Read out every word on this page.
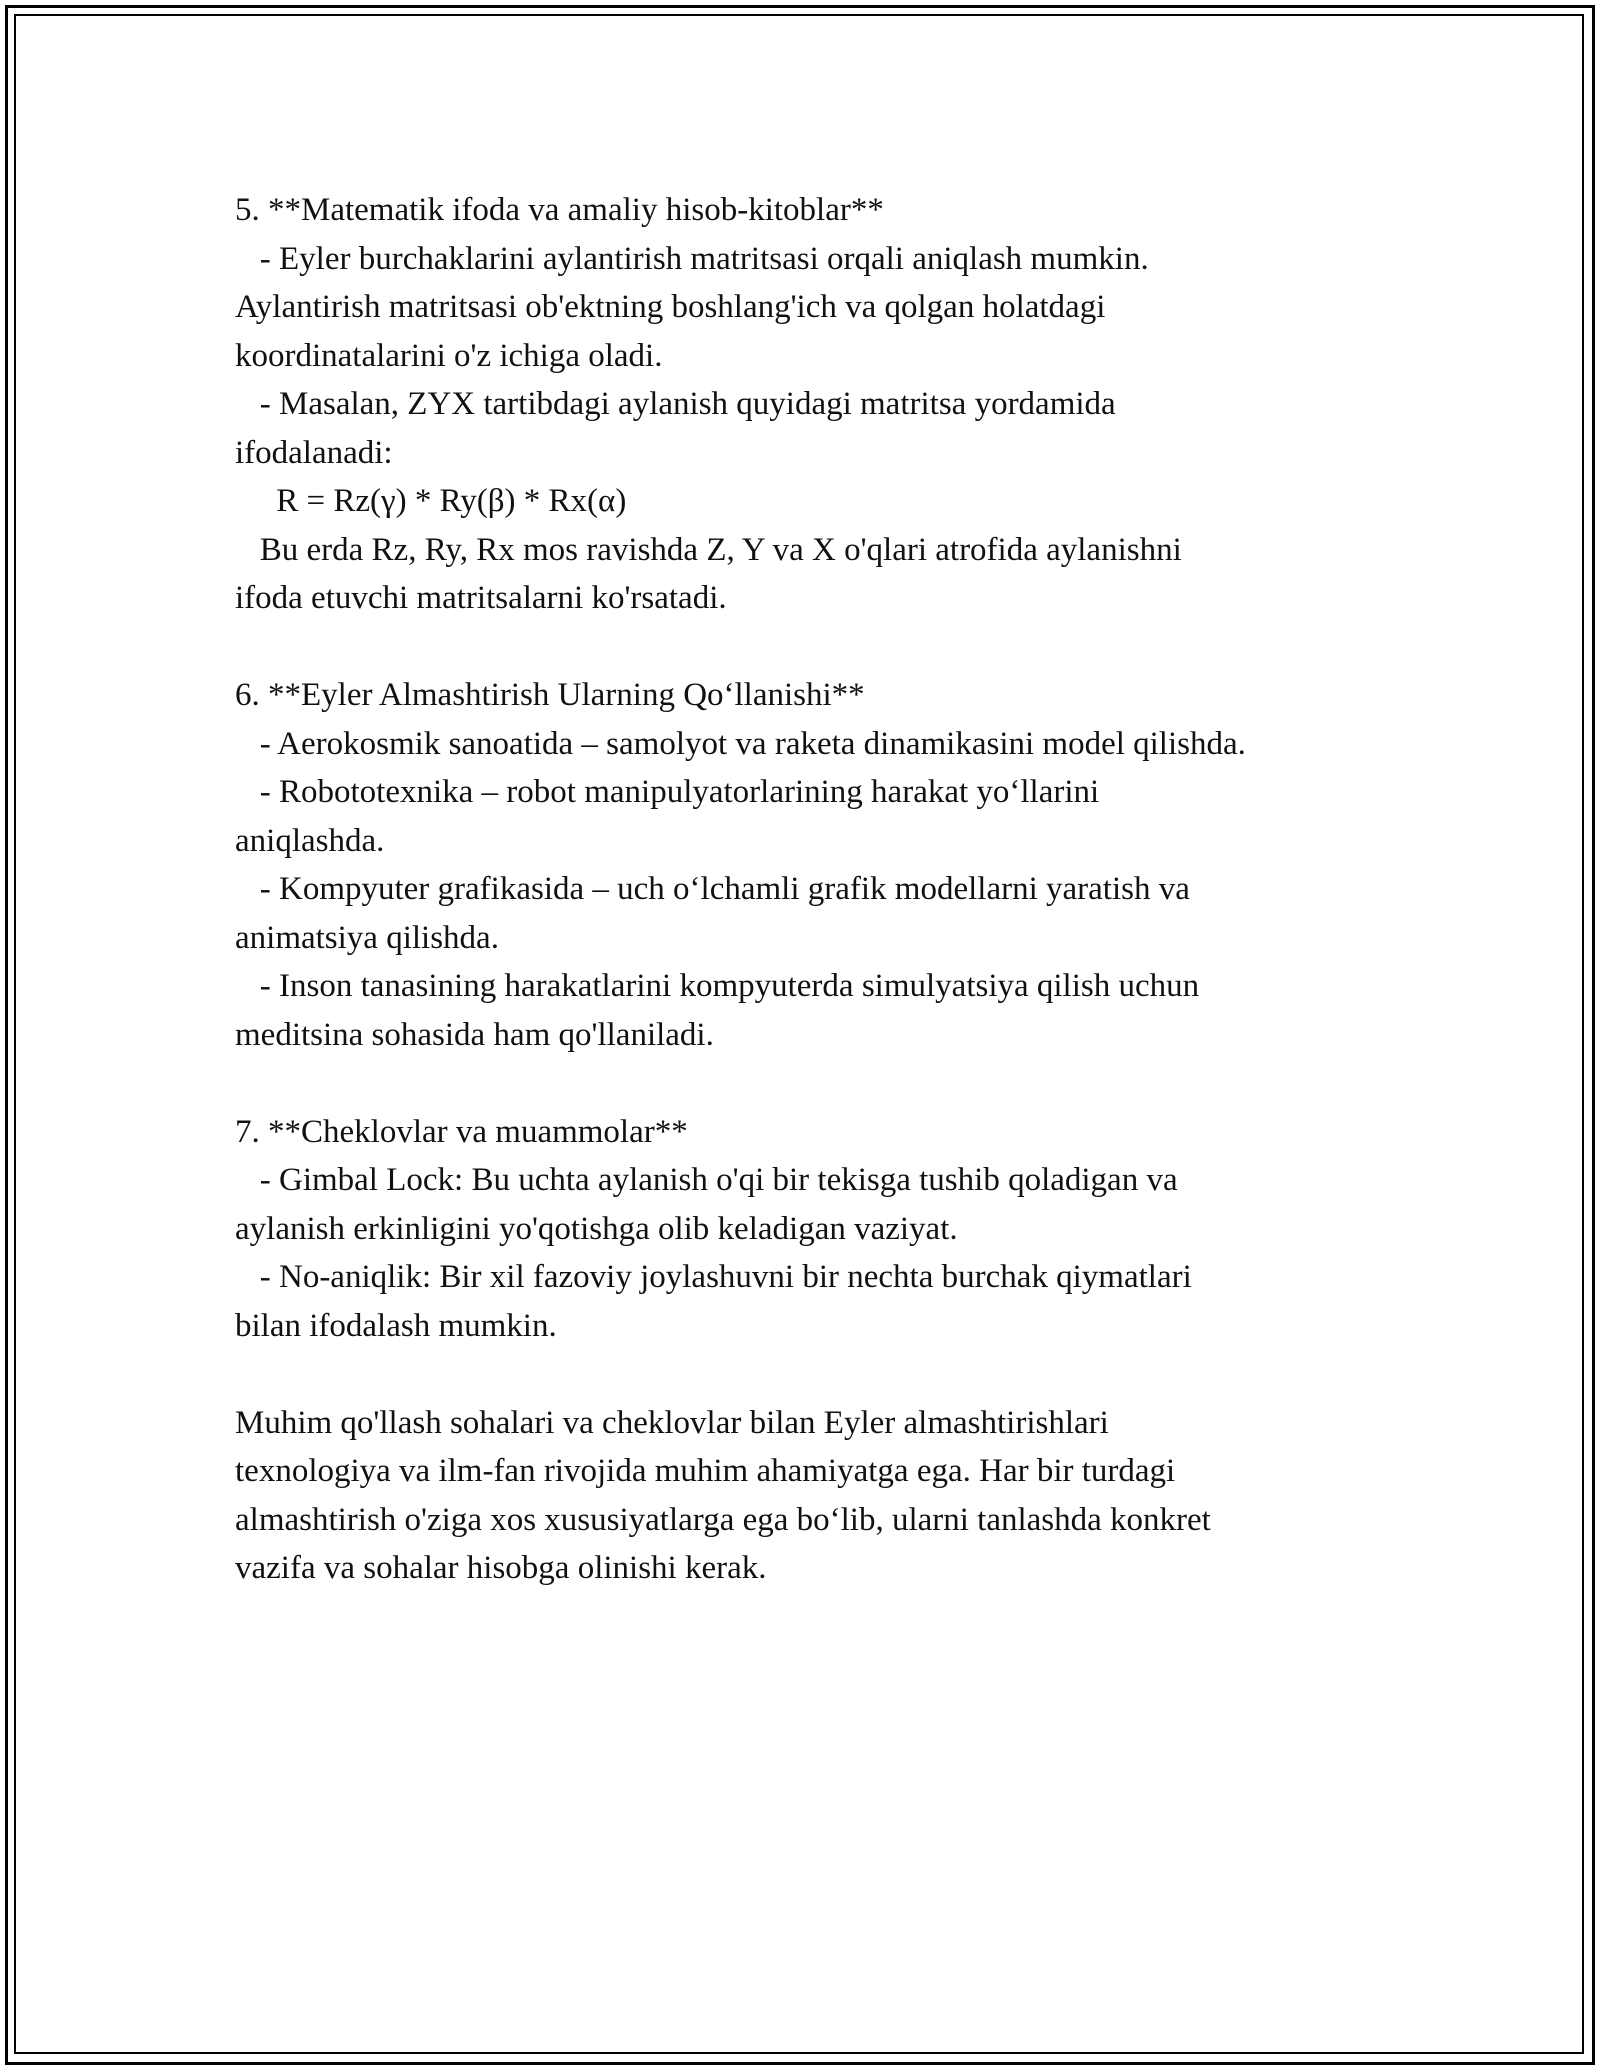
5. **Matematik ifoda va amaliy hisob-kitoblar**
- Eyler burchaklarini aylantirish matritsasi orqali aniqlash mumkin.
Aylantirish matritsasi ob'ektning boshlang'ich va qolgan holatdagi
koordinatalarini o'z ichiga oladi.
- Masalan, ZYX tartibdagi aylanish quyidagi matritsa yordamida
ifodalanadi:
R = Rz(γ) * Ry(β) * Rx(α)
Bu erda Rz, Ry, Rx mos ravishda Z, Y va X o'qlari atrofida aylanishni
ifoda etuvchi matritsalarni ko'rsatadi.
6. **Eyler Almashtirish Ularning Qo‘llanishi**
- Aerokosmik sanoatida – samolyot va raketa dinamikasini model qilishda.
- Robototexnika – robot manipulyatorlarining harakat yo‘llarini
aniqlashda.
- Kompyuter grafikasida – uch o‘lchamli grafik modellarni yaratish va
animatsiya qilishda.
- Inson tanasining harakatlarini kompyuterda simulyatsiya qilish uchun
meditsina sohasida ham qo'llaniladi.
7. **Cheklovlar va muammolar**
- Gimbal Lock: Bu uchta aylanish o'qi bir tekisga tushib qoladigan va
aylanish erkinligini yo'qotishga olib keladigan vaziyat.
- No-aniqlik: Bir xil fazoviy joylashuvni bir nechta burchak qiymatlari
bilan ifodalash mumkin.
Muhim qo'llash sohalari va cheklovlar bilan Eyler almashtirishlari
texnologiya va ilm-fan rivojida muhim ahamiyatga ega. Har bir turdagi
almashtirish o'ziga xos xususiyatlarga ega bo‘lib, ularni tanlashda konkret
vazifa va sohalar hisobga olinishi kerak.
